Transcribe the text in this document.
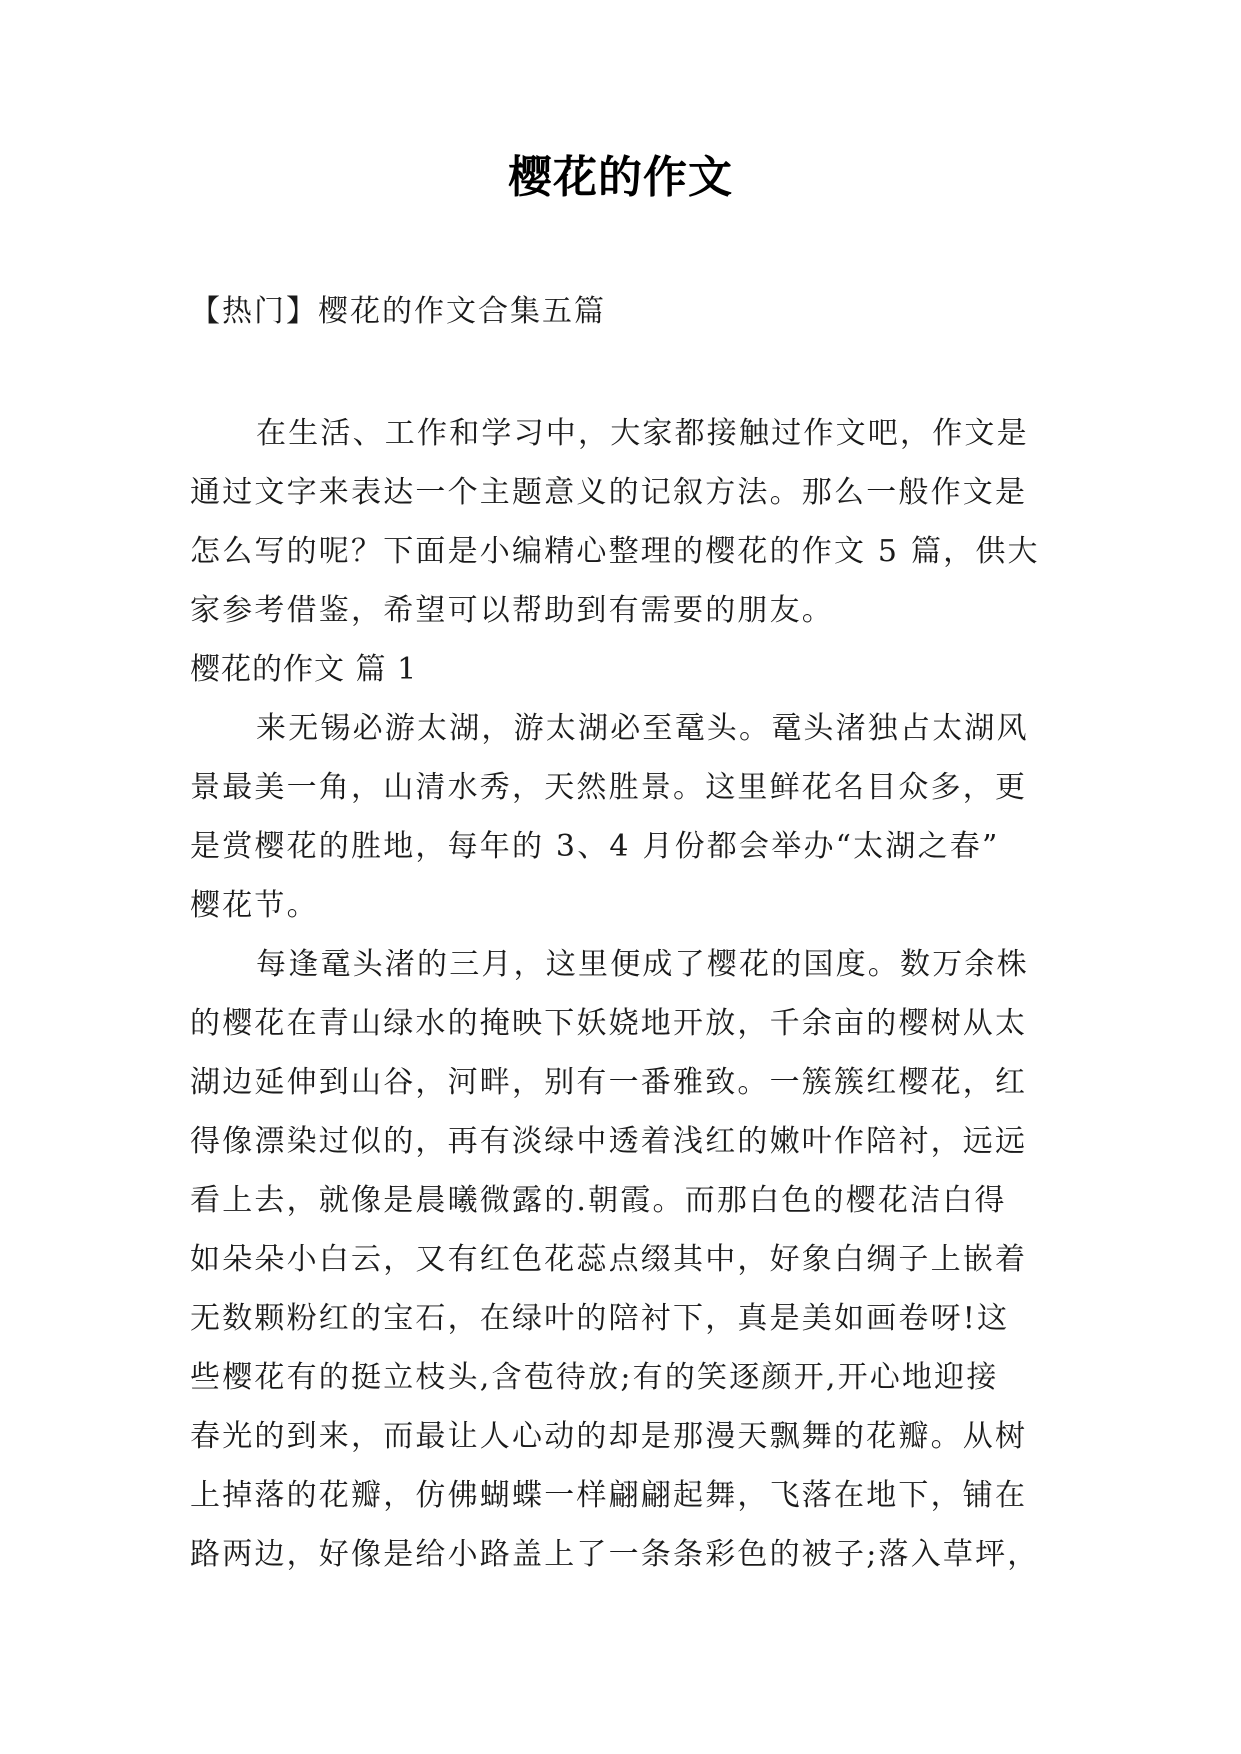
樱花的作文
【热门】樱花的作文合集五篇
在生活、工作和学习中，大家都接触过作文吧，作文是
通过文字来表达一个主题意义的记叙方法。那么一般作文是
怎么写的呢？下面是小编精心整理的樱花的作文 5 篇，供大
家参考借鉴，希望可以帮助到有需要的朋友。
樱花的作文 篇 1
来无锡必游太湖，游太湖必至鼋头。鼋头渚独占太湖风
景最美一角，山清水秀，天然胜景。这里鲜花名目众多，更
是赏樱花的胜地，每年的 3、4 月份都会举办“太湖之春”
樱花节。
每逢鼋头渚的三月，这里便成了樱花的国度。数万余株
的樱花在青山绿水的掩映下妖娆地开放，千余亩的樱树从太
湖边延伸到山谷，河畔，别有一番雅致。一簇簇红樱花，红
得像漂染过似的，再有淡绿中透着浅红的嫩叶作陪衬，远远
看上去，就像是晨曦微露的.朝霞。而那白色的樱花洁白得
如朵朵小白云，又有红色花蕊点缀其中，好象白绸子上嵌着
无数颗粉红的宝石，在绿叶的陪衬下，真是美如画卷呀!这
些樱花有的挺立枝头,含苞待放;有的笑逐颜开,开心地迎接
春光的到来，而最让人心动的却是那漫天飘舞的花瓣。从树
上掉落的花瓣，仿佛蝴蝶一样翩翩起舞，飞落在地下，铺在
路两边，好像是给小路盖上了一条条彩色的被子;落入草坪，
